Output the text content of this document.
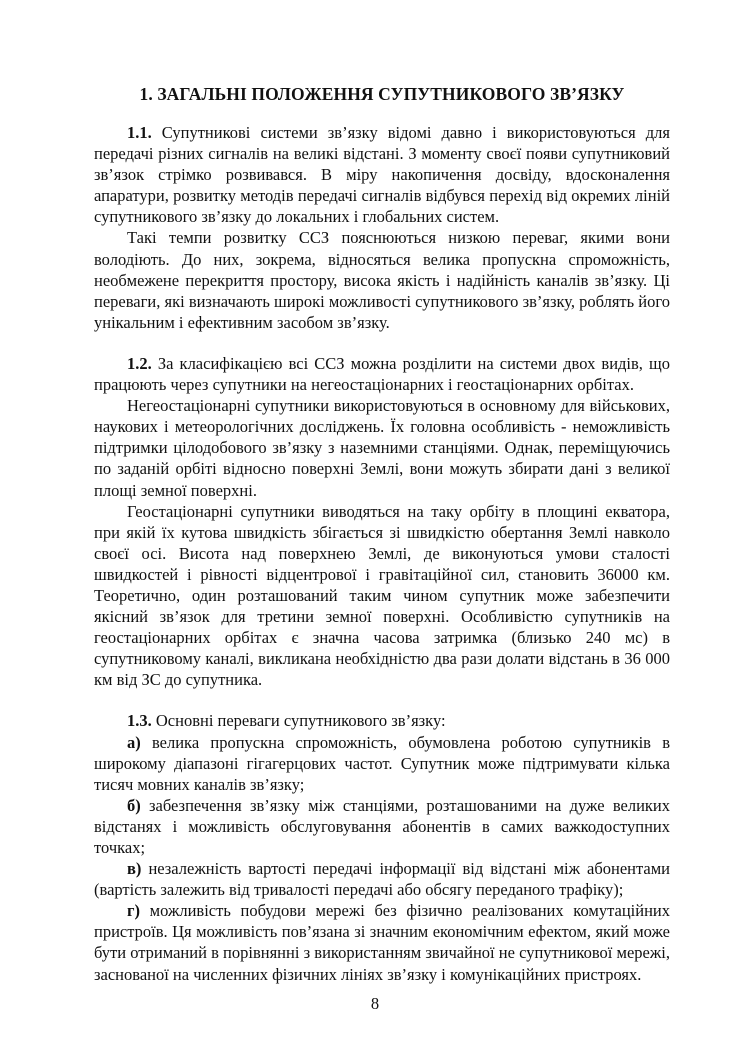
1. ЗАГАЛЬНІ ПОЛОЖЕННЯ СУПУТНИКОВОГО ЗВ’ЯЗКУ

1.1. Супутникові системи зв’язку відомі давно і використовуються для передачі різних сигналів на великі відстані. З моменту своєї появи супутниковий зв’язок стрімко розвивався. В міру накопичення досвіду, вдосконалення апаратури, розвитку методів передачі сигналів відбувся перехід від окремих ліній супутникового зв’язку до локальних і глобальних систем.

Такі темпи розвитку ССЗ пояснюються низкою переваг, якими вони володіють. До них, зокрема, відносяться велика пропускна спроможність, необмежене перекриття простору, висока якість і надійність каналів зв’язку. Ці переваги, які визначають широкі можливості супутникового зв’язку, роблять його унікальним і ефективним засобом зв’язку.

1.2. За класифікацією всі ССЗ можна розділити на системи двох видів, що працюють через супутники на негеостаціонарних і геостаціонарних орбітах.

Негеостаціонарні супутники використовуються в основному для військових, наукових і метеорологічних досліджень. Їх головна особливість - неможливість підтримки цілодобового зв’язку з наземними станціями. Однак, переміщуючись по заданій орбіті відносно поверхні Землі, вони можуть збирати дані з великої площі земної поверхні.

Геостаціонарні супутники виводяться на таку орбіту в площині екватора, при якій їх кутова швидкість збігається зі швидкістю обертання Землі навколо своєї осі. Висота над поверхнею Землі, де виконуються умови сталості швидкостей і рівності відцентрової і гравітаційної сил, становить 36000 км. Теоретично, один розташований таким чином супутник може забезпечити якісний зв’язок для третини земної поверхні. Особливістю супутників на геостаціонарних орбітах є значна часова затримка (близько 240 мс) в супутниковому каналі, викликана необхідністю два рази долати відстань в 36 000 км від ЗС до супутника.

1.3. Основні переваги супутникового зв’язку:

а) велика пропускна спроможність, обумовлена роботою супутників в широкому діапазоні гігагерцових частот. Супутник може підтримувати кілька тисяч мовних каналів зв’язку;

б) забезпечення зв’язку між станціями, розташованими на дуже великих відстанях і можливість обслуговування абонентів в самих важкодоступних точках;

в) незалежність вартості передачі інформації від відстані між абонентами (вартість залежить від тривалості передачі або обсягу переданого трафіку);

г) можливість побудови мережі без фізично реалізованих комутаційних пристроїв. Ця можливість пов’язана зі значним економічним ефектом, який може бути отриманий в порівнянні з використанням звичайної не супутникової мережі, заснованої на численних фізичних лініях зв’язку і комунікаційних пристроях.

8
